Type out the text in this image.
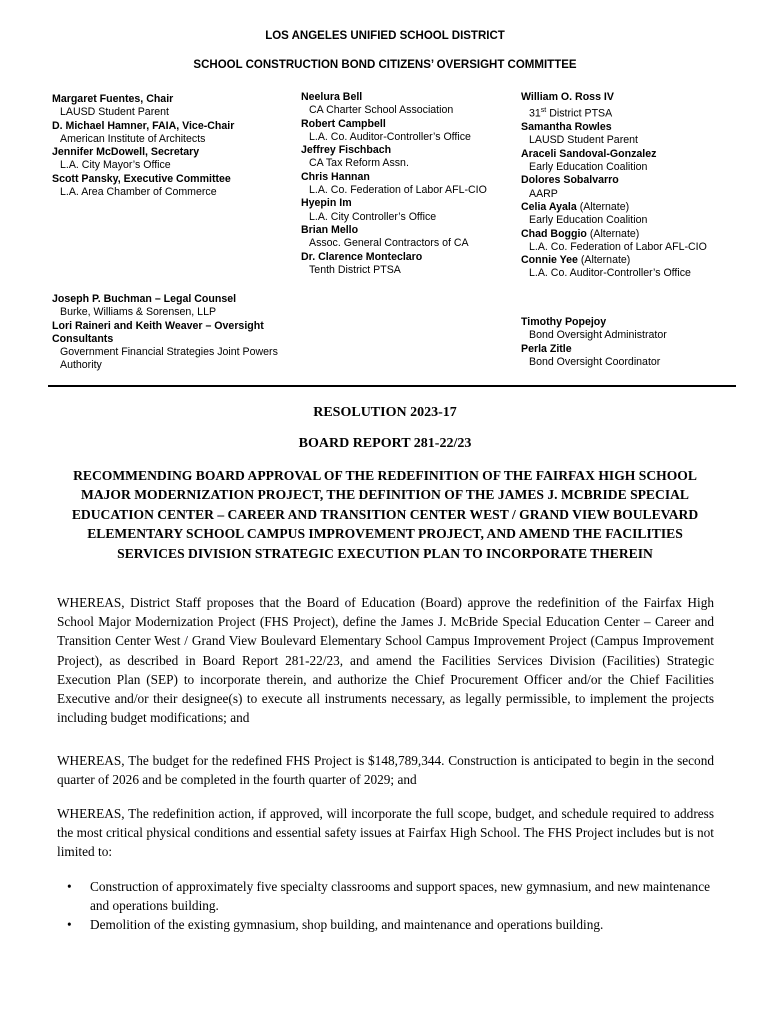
LOS ANGELES UNIFIED SCHOOL DISTRICT
SCHOOL CONSTRUCTION BOND CITIZENS’ OVERSIGHT COMMITTEE
Margaret Fuentes, Chair
LAUSD Student Parent
D. Michael Hamner, FAIA, Vice-Chair
American Institute of Architects
Jennifer McDowell, Secretary
L.A. City Mayor’s Office
Scott Pansky, Executive Committee
L.A. Area Chamber of Commerce
Neelura Bell
CA Charter School Association
Robert Campbell
L.A. Co. Auditor-Controller’s Office
Jeffrey Fischbach
CA Tax Reform Assn.
Chris Hannan
L.A. Co. Federation of Labor AFL-CIO
Hyepin Im
L.A. City Controller’s Office
Brian Mello
Assoc. General Contractors of CA
Dr. Clarence Monteclaro
Tenth District PTSA
William O. Ross IV
31st District PTSA
Samantha Rowles
LAUSD Student Parent
Araceli Sandoval-Gonzalez
Early Education Coalition
Dolores Sobalvarro
AARP
Celia Ayala (Alternate)
Early Education Coalition
Chad Boggio (Alternate)
L.A. Co. Federation of Labor AFL-CIO
Connie Yee (Alternate)
L.A. Co. Auditor-Controller’s Office
Joseph P. Buchman – Legal Counsel
Burke, Williams & Sorensen, LLP
Lori Raineri and Keith Weaver – Oversight Consultants
Government Financial Strategies Joint Powers Authority
Timothy Popejoy
Bond Oversight Administrator
Perla Zitle
Bond Oversight Coordinator
RESOLUTION 2023-17
BOARD REPORT 281-22/23
RECOMMENDING BOARD APPROVAL OF THE REDEFINITION OF THE FAIRFAX HIGH SCHOOL MAJOR MODERNIZATION PROJECT, THE DEFINITION OF THE JAMES J. MCBRIDE SPECIAL EDUCATION CENTER – CAREER AND TRANSITION CENTER WEST / GRAND VIEW BOULEVARD ELEMENTARY SCHOOL CAMPUS IMPROVEMENT PROJECT, AND AMEND THE FACILITIES SERVICES DIVISION STRATEGIC EXECUTION PLAN TO INCORPORATE THEREIN

WHEREAS, District Staff proposes that the Board of Education (Board) approve the redefinition of the Fairfax High School Major Modernization Project (FHS Project), define the James J. McBride Special Education Center – Career and Transition Center West / Grand View Boulevard Elementary School Campus Improvement Project (Campus Improvement Project), as described in Board Report 281-22/23, and amend the Facilities Services Division (Facilities) Strategic Execution Plan (SEP) to incorporate therein, and authorize the Chief Procurement Officer and/or the Chief Facilities Executive and/or their designee(s) to execute all instruments necessary, as legally permissible, to implement the projects including budget modifications; and

WHEREAS, The budget for the redefined FHS Project is $148,789,344. Construction is anticipated to begin in the second quarter of 2026 and be completed in the fourth quarter of 2029; and

WHEREAS, The redefinition action, if approved, will incorporate the full scope, budget, and schedule required to address the most critical physical conditions and essential safety issues at Fairfax High School. The FHS Project includes but is not limited to:

• Construction of approximately five specialty classrooms and support spaces, new gymnasium, and new maintenance and operations building.
• Demolition of the existing gymnasium, shop building, and maintenance and operations building.
